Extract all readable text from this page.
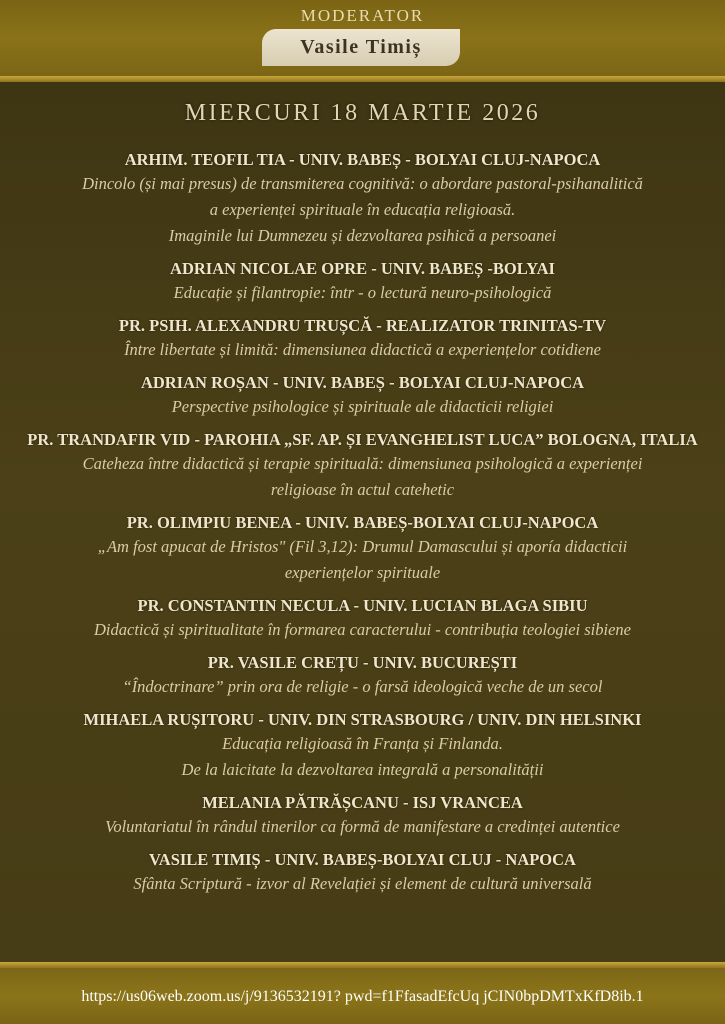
MODERATOR
Vasile Timiș
MIERCURI 18 MARTIE 2026
ARHIM. TEOFIL TIA - UNIV. BABEȘ - BOLYAI CLUJ-NAPOCA
Dincolo (și mai presus) de transmiterea cognitivă: o abordare pastoral-psihanalitică
a experienței spirituale în educația religioasă.
Imaginile lui Dumnezeu și dezvoltarea psihică a persoanei
ADRIAN NICOLAE OPRE - UNIV. BABEȘ -BOLYAI
Educație și filantropie: într - o lectură neuro-psihologică
PR. PSIH. ALEXANDRU TRUȘCĂ - REALIZATOR TRINITAS-TV
Între libertate și limită: dimensiunea didactică a experiențelor cotidiene
ADRIAN ROȘAN - UNIV. BABEȘ - BOLYAI CLUJ-NAPOCA
Perspective psihologice și spirituale ale didacticii religiei
PR. TRANDAFIR VID - PAROHIA „SF. AP. ȘI EVANGHELIST LUCA” BOLOGNA, ITALIA
Cateheza între didactică și terapie spirituală: dimensiunea psihologică a experienței
religioase în actul catehetic
PR. OLIMPIU BENEA - UNIV. BABEȘ-BOLYAI CLUJ-NAPOCA
„Am fost apucat de Hristos" (Fil 3,12): Drumul Damascului și aporía didacticii
experiențelor spirituale
PR. CONSTANTIN NECULA - UNIV. LUCIAN BLAGA SIBIU
Didactică și spiritualitate în formarea caracterului - contribuția teologiei sibiene
PR. VASILE CREȚU - UNIV. BUCUREȘTI
“Îndoctrinare” prin ora de religie - o farsă ideologică veche de un secol
MIHAELA RUȘITORU - UNIV. DIN STRASBOURG / UNIV. DIN HELSINKI
Educația religioasă în Franța și Finlanda.
De la laicitate la dezvoltarea integrală a personalității
MELANIA PĂTRĂȘCANU - ISJ VRANCEA
Voluntariatul în rândul tinerilor ca formă de manifestare a credinței autentice
VASILE TIMIȘ - UNIV. BABEȘ-BOLYAI CLUJ - NAPOCA
Sfânta Scriptură - izvor al Revelației și element de cultură universală
https://us06web.zoom.us/j/9136532191? pwd=f1FfasadEfcUq jCIN0bpDMTxKfD8ib.1
